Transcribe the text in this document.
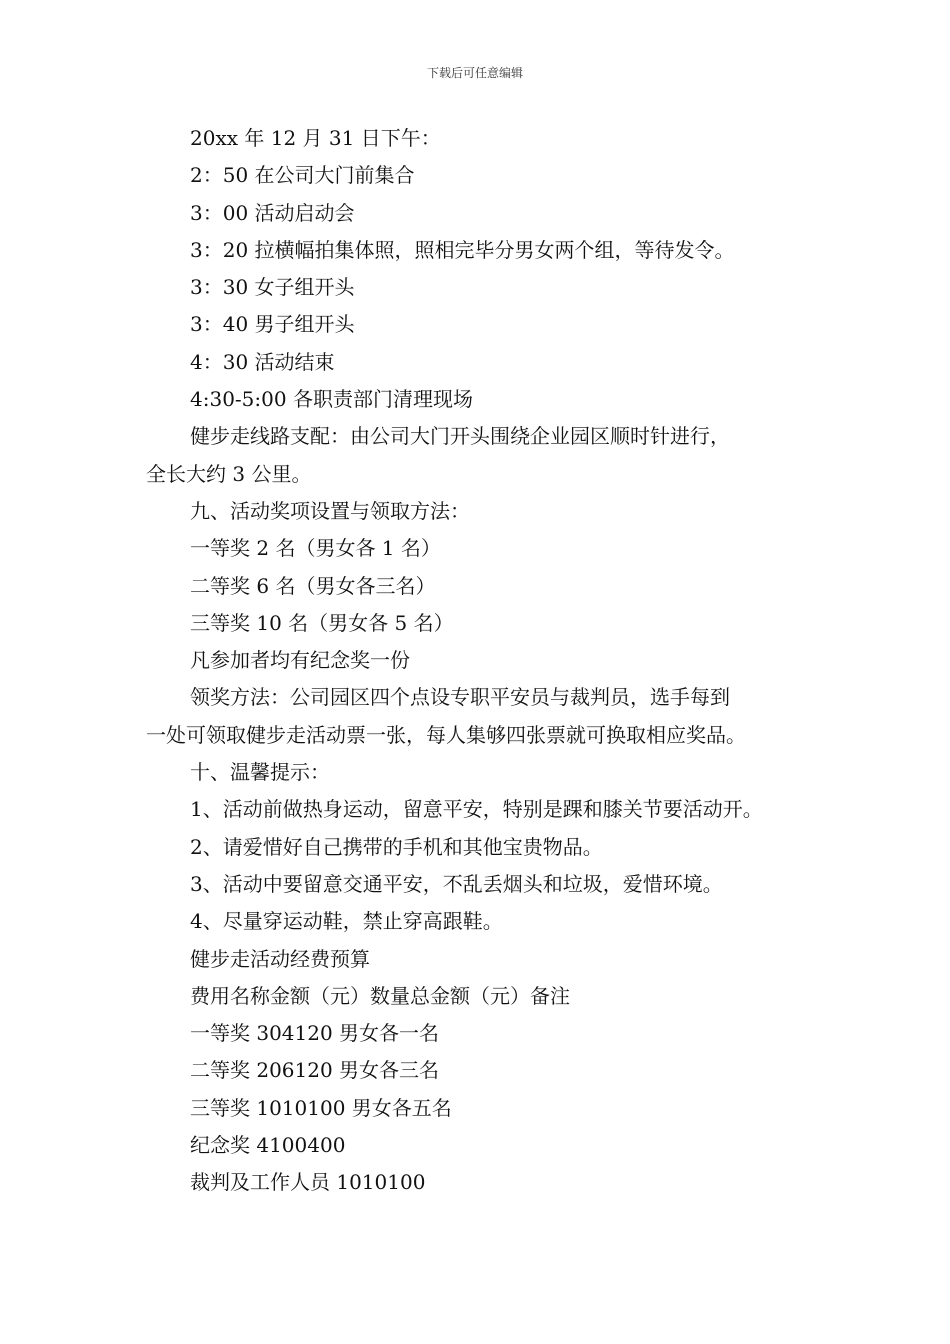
下载后可任意编辑
20xx 年 12 月 31 日下午：
2：50 在公司大门前集合
3：00 活动启动会
3：20 拉横幅拍集体照，照相完毕分男女两个组，等待发令。
3：30 女子组开头
3：40 男子组开头
4：30 活动结束
4:30-5:00 各职责部门清理现场
健步走线路支配：由公司大门开头围绕企业园区顺时针进行，
全长大约 3 公里。
九、活动奖项设置与领取方法：
一等奖 2 名（男女各 1 名）
二等奖 6 名（男女各三名）
三等奖 10 名（男女各 5 名）
凡参加者均有纪念奖一份
领奖方法：公司园区四个点设专职平安员与裁判员，选手每到
一处可领取健步走活动票一张，每人集够四张票就可换取相应奖品。
十、温馨提示：
1、活动前做热身运动，留意平安，特别是踝和膝关节要活动开。
2、请爱惜好自己携带的手机和其他宝贵物品。
3、活动中要留意交通平安，不乱丢烟头和垃圾，爱惜环境。
4、尽量穿运动鞋，禁止穿高跟鞋。
健步走活动经费预算
费用名称金额（元）数量总金额（元）备注
一等奖 304120 男女各一名
二等奖 206120 男女各三名
三等奖 1010100 男女各五名
纪念奖 4100400
裁判及工作人员 1010100
